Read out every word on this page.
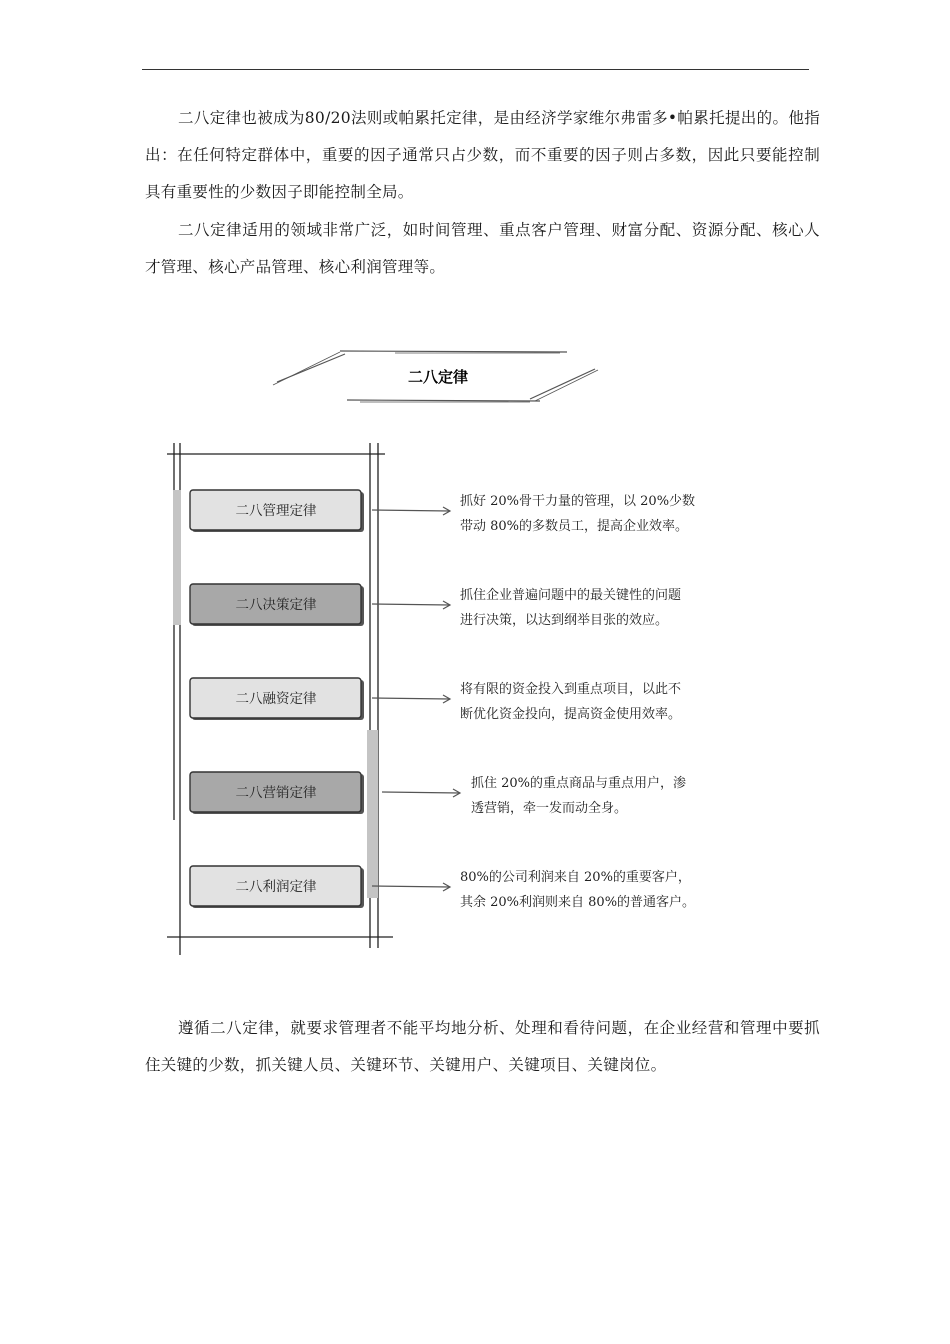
二八定律也被成为80/20法则或帕累托定律，是由经济学家维尔弗雷多•帕累托提出的。他指出：在任何特定群体中，重要的因子通常只占少数，而不重要的因子则占多数，因此只要能控制具有重要性的少数因子即能控制全局。

二八定律适用的领域非常广泛，如时间管理、重点客户管理、财富分配、资源分配、核心人才管理、核心产品管理、核心利润管理等。

二八定律
二八管理定律
抓好 20%骨干力量的管理，以 20%少数
带动 80%的多数员工，提高企业效率。
二八决策定律
抓住企业普遍问题中的最关键性的问题
进行决策，以达到纲举目张的效应。
二八融资定律
将有限的资金投入到重点项目，以此不
断优化资金投向，提高资金使用效率。
二八营销定律
抓住 20%的重点商品与重点用户，渗
透营销，牵一发而动全身。
二八利润定律
80%的公司利润来自 20%的重要客户，
其余 20%利润则来自 80%的普通客户。

遵循二八定律，就要求管理者不能平均地分析、处理和看待问题，在企业经营和管理中要抓住关键的少数，抓关键人员、关键环节、关键用户、关键项目、关键岗位。
